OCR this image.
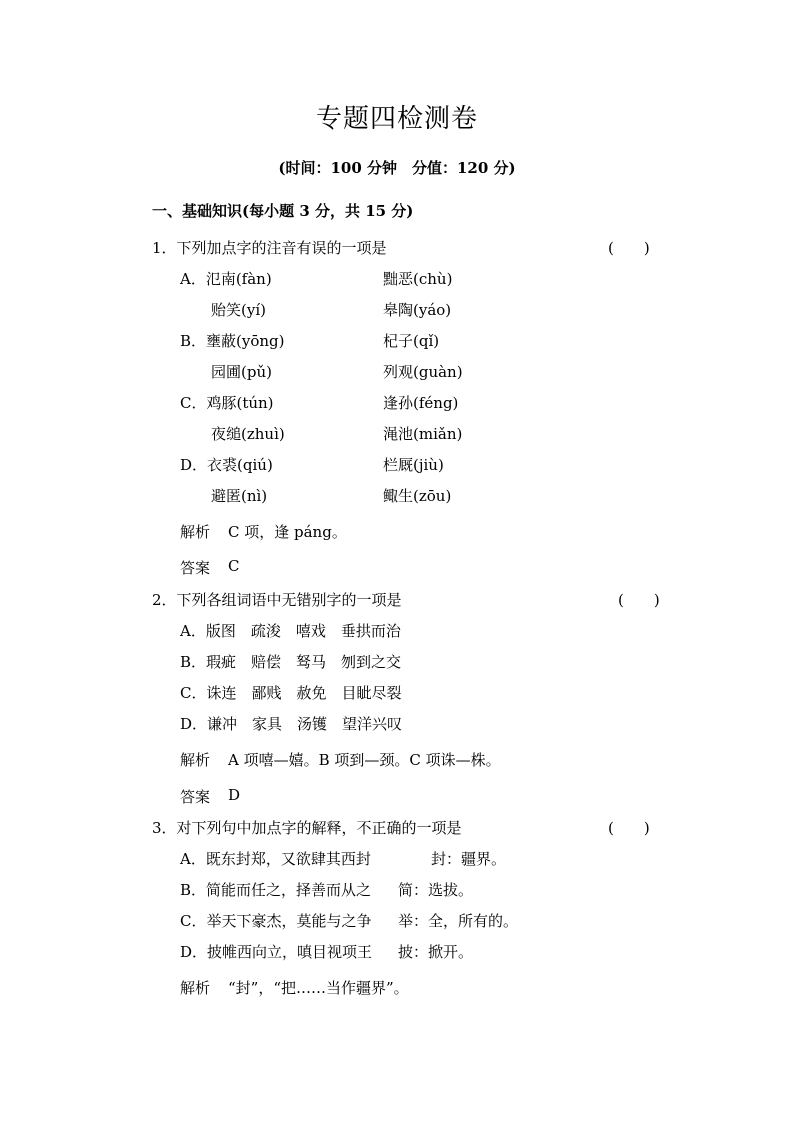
专题四检测卷
(时间：100 分钟　分值：120 分)
一、基础知识(每小题 3 分，共 15 分)
1．下列加点字的注音有误的一项是	(　　)
A．氾南(fàn)	黜恶(chù)
贻笑(yí)	皋陶(yáo)
B．壅蔽(yōng)	杞子(qǐ)
园圃(pǔ)	列观(guàn)
C．鸡豚(tún)	逢孙(féng)
夜缒(zhuì)	渑池(miǎn)
D．衣裘(qiú)	栏厩(jiù)
避匿(nì)	鲰生(zōu)
解析 C 项，逢 páng。
答案 C
2．下列各组词语中无错别字的一项是	(　　)
A．版图　疏浚　嘻戏　垂拱而治
B．瑕疵　赔偿　驽马　刎到之交
C．诛连　鄙贱　赦免　目眦尽裂
D．谦冲　家具　汤镬　望洋兴叹
解析 A 项嘻—嬉。B 项到—颈。C 项诛—株。
答案 D
3．对下列句中加点字的解释，不正确的一项是	(　　)
A．既东封郑，又欲肆其西封	封：疆界。
B．简能而任之，择善而从之 简：选拔。
C．举天下豪杰，莫能与之争 举：全，所有的。
D．披帷西向立，嗔目视项王 披：掀开。
解析 “封”，“把……当作疆界”。
